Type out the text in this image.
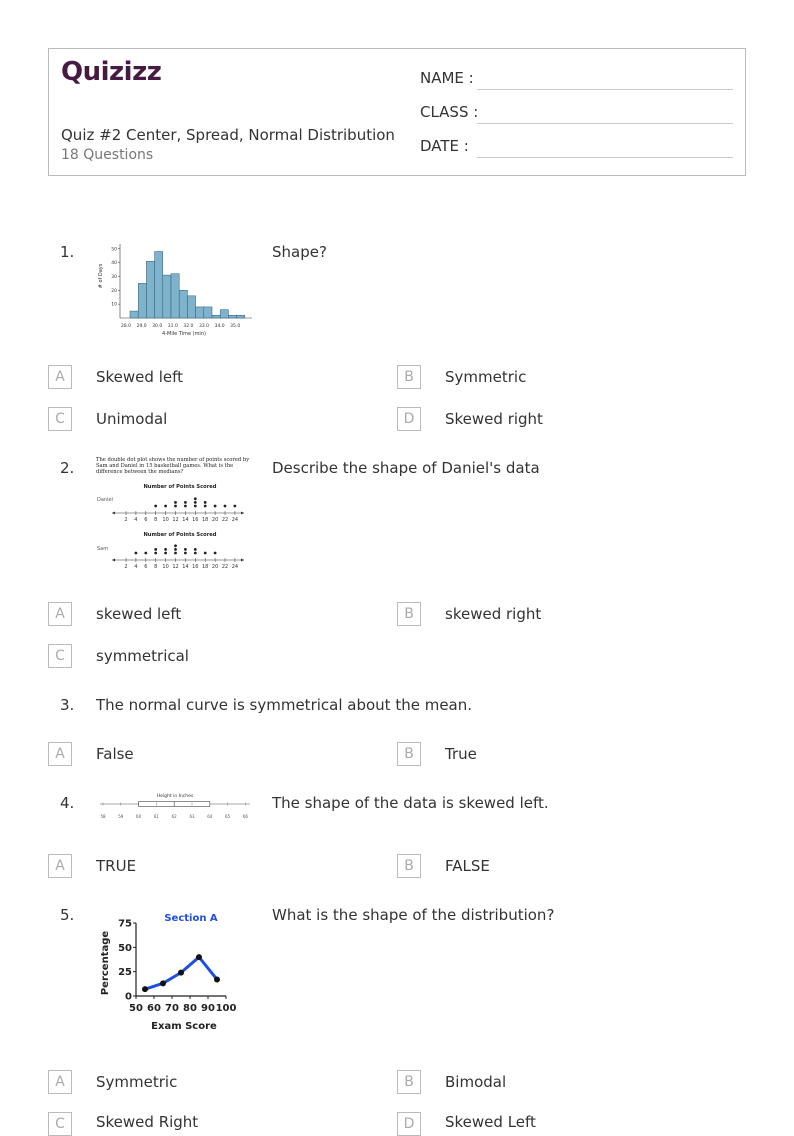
Quizizz
Quiz #2 Center, Spread, Normal Distribution
18 Questions
NAME :
CLASS :
DATE :
1.	Shape?
# of Days
10
20
30
40
50
28.0 29.0 30.0 31.0 32.0 33.0 34.0 35.0
4-Mile Time (min)
A	Skewed left	B	Symmetric
C	Unimodal	D	Skewed right
2.	Describe the shape of Daniel's data
The double dot plot shows the number of points scored by Sam and Daniel in 15 basketball games. What is the difference between the medians?
Number of Points Scored
Daniel
2 4 6 8 10 12 14 16 18 20 22 24
Number of Points Scored
Sam
2 4 6 8 10 12 14 16 18 20 22 24
A	skewed left	B	skewed right
C	symmetrical
3. The normal curve is symmetrical about the mean.
A	False	B	True
4.	The shape of the data is skewed left.
Height in Inches
58	59	60	61	62	63	64	65	66
A	TRUE	B	FALSE
5.	What is the shape of the distribution?
Section A
Percentage
Exam Score
0
25
50
75
50 60 70 80 90 100
A	Symmetric	B	Bimodal
C	Skewed Right	D	Skewed Left
